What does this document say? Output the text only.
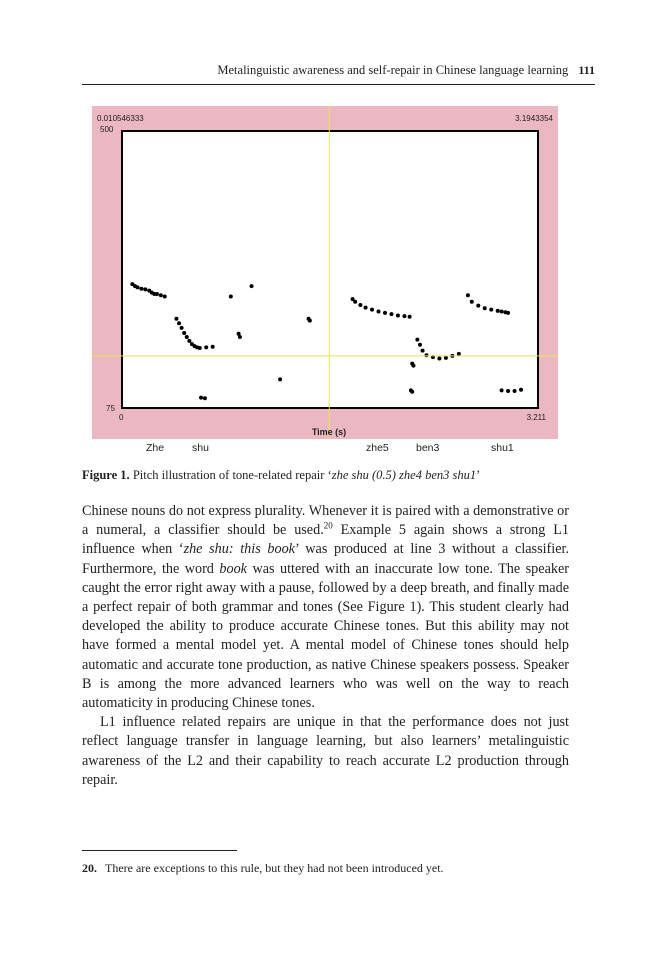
Metalinguistic awareness and self-repair in Chinese language learning 111
0.010546333	3.1943354
500
75
0	3.211
Time (s)
Zhe	shu	zhe5	ben3	shu1
Figure 1. Pitch illustration of tone-related repair ‘zhe shu (0.5) zhe4 ben3 shu1’

Chinese nouns do not express plurality. Whenever it is paired with a demonstrative or a numeral, a classifier should be used.$^{20}$ Example 5 again shows a strong L1 influence when ‘zhe shu: this book’ was produced at line 3 without a classifier. Furthermore, the word book was uttered with an inaccurate low tone. The speaker caught the error right away with a pause, followed by a deep breath, and finally made a perfect repair of both grammar and tones (See Figure 1). This student clearly had developed the ability to produce accurate Chinese tones. But this ability may not have formed a mental model yet. A mental model of Chinese tones should help automatic and accurate tone production, as native Chinese speakers possess. Speaker B is among the more advanced learners who was well on the way to reach automaticity in producing Chinese tones.

L1 influence related repairs are unique in that the performance does not just reflect language transfer in language learning, but also learners’ metalinguistic awareness of the L2 and their capability to reach accurate L2 production through repair.

20. There are exceptions to this rule, but they had not been introduced yet.
